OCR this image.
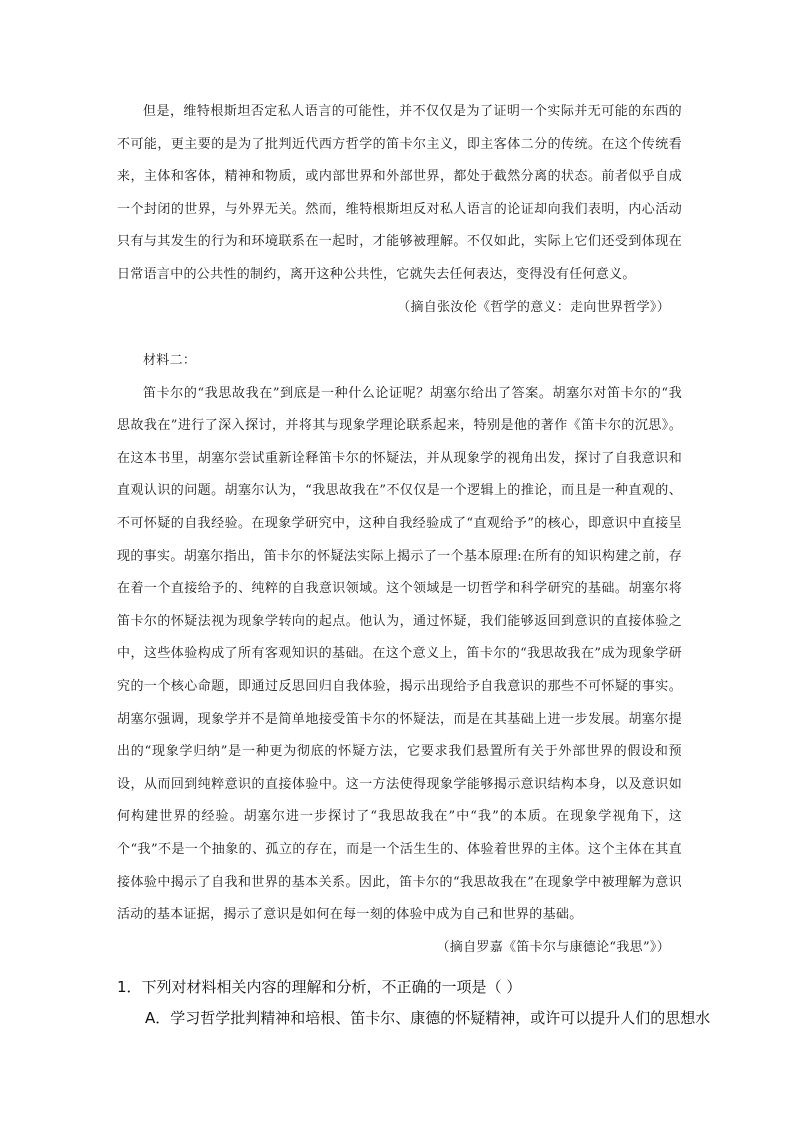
但是，维特根斯坦否定私人语言的可能性，并不仅仅是为了证明一个实际并无可能的东西的不可能，更主要的是为了批判近代西方哲学的笛卡尔主义，即主客体二分的传统。在这个传统看来，主体和客体，精神和物质，或内部世界和外部世界，都处于截然分离的状态。前者似乎自成一个封闭的世界，与外界无关。然而，维特根斯坦反对私人语言的论证却向我们表明，内心活动只有与其发生的行为和环境联系在一起时，才能够被理解。不仅如此，实际上它们还受到体现在日常语言中的公共性的制约，离开这种公共性，它就失去任何表达，变得没有任何意义。

（摘自张汝伦《哲学的意义：走向世界哲学》）

材料二：

笛卡尔的“我思故我在”到底是一种什么论证呢？胡塞尔给出了答案。胡塞尔对笛卡尔的“我思故我在”进行了深入探讨，并将其与现象学理论联系起来，特别是他的著作《笛卡尔的沉思》。在这本书里，胡塞尔尝试重新诠释笛卡尔的怀疑法，并从现象学的视角出发，探讨了自我意识和直观认识的问题。胡塞尔认为，“我思故我在”不仅仅是一个逻辑上的推论，而且是一种直观的、不可怀疑的自我经验。在现象学研究中，这种自我经验成了“直观给予”的核心，即意识中直接呈现的事实。胡塞尔指出，笛卡尔的怀疑法实际上揭示了一个基本原理:在所有的知识构建之前，存在着一个直接给予的、纯粹的自我意识领域。这个领域是一切哲学和科学研究的基础。胡塞尔将笛卡尔的怀疑法视为现象学转向的起点。他认为，通过怀疑，我们能够返回到意识的直接体验之中，这些体验构成了所有客观知识的基础。在这个意义上，笛卡尔的“我思故我在”成为现象学研究的一个核心命题，即通过反思回归自我体验，揭示出现给予自我意识的那些不可怀疑的事实。胡塞尔强调，现象学并不是简单地接受笛卡尔的怀疑法，而是在其基础上进一步发展。胡塞尔提出的“现象学归纳”是一种更为彻底的怀疑方法，它要求我们悬置所有关于外部世界的假设和预设，从而回到纯粹意识的直接体验中。这一方法使得现象学能够揭示意识结构本身，以及意识如何构建世界的经验。胡塞尔进一步探讨了“我思故我在”中“我”的本质。在现象学视角下，这个“我”不是一个抽象的、孤立的存在，而是一个活生生的、体验着世界的主体。这个主体在其直接体验中揭示了自我和世界的基本关系。因此，笛卡尔的“我思故我在”在现象学中被理解为意识活动的基本证据，揭示了意识是如何在每一刻的体验中成为自己和世界的基础。

（摘自罗嘉《笛卡尔与康德论“我思”》）

1．下列对材料相关内容的理解和分析，不正确的一项是（ ）

A．学习哲学批判精神和培根、笛卡尔、康德的怀疑精神，或许可以提升人们的思想水
